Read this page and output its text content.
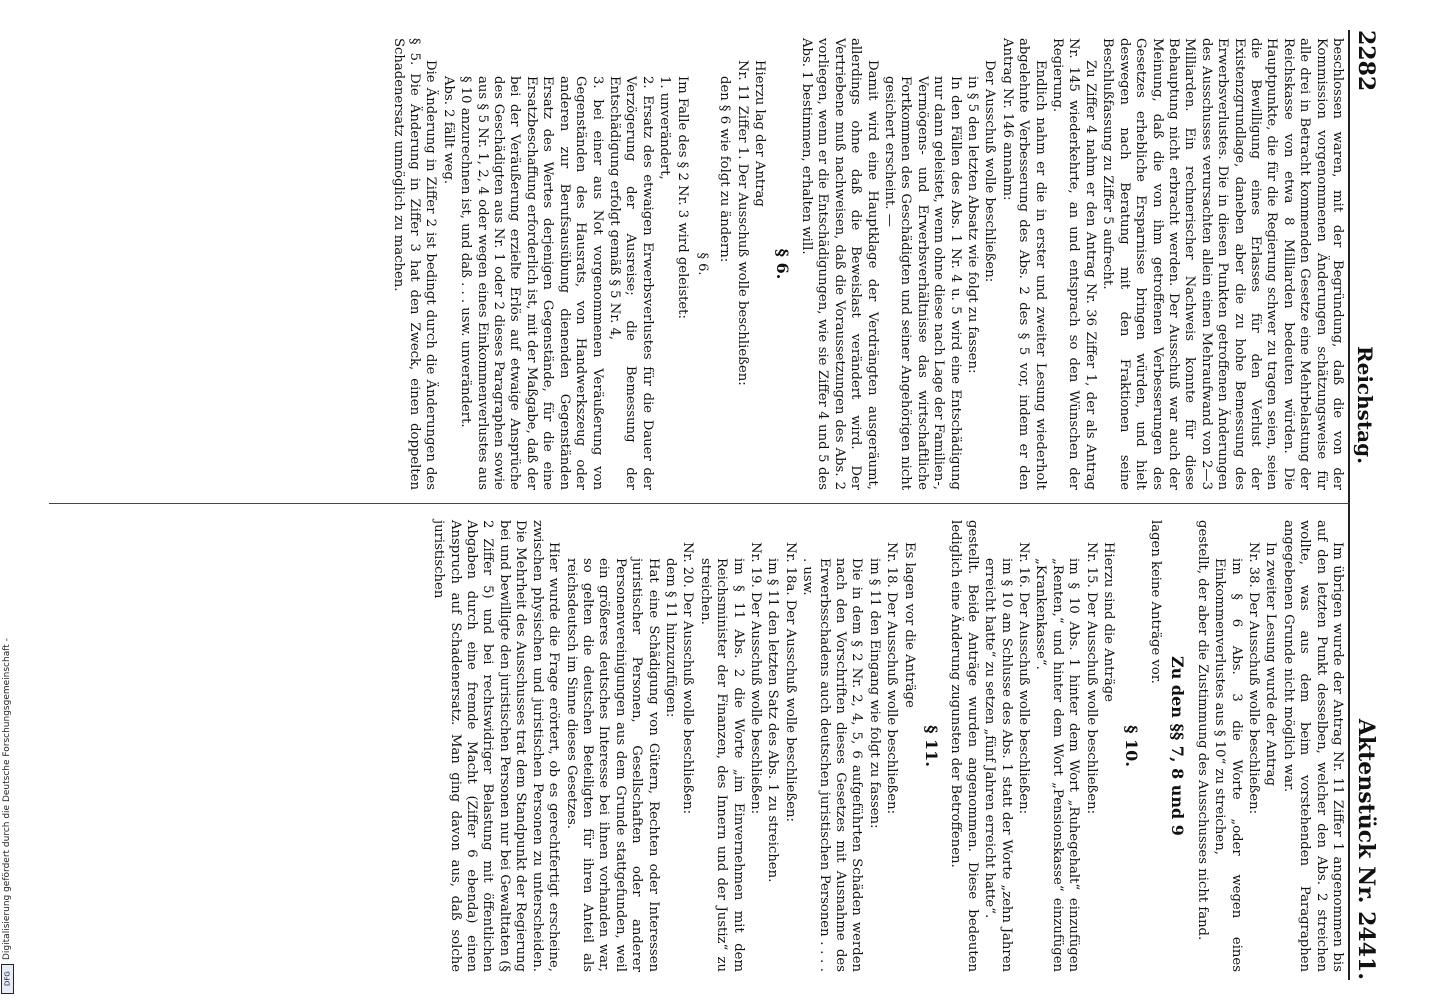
Digitalisierung gefördert durch die Deutsche Forschungsgemeinschaft -
DFG
2282
Reichstag.
Aktenstück Nr. 2441.

beschlossen waren, mit der Begründung, daß die von der Kommission vorgenommenen Änderungen schätzungsweise für alle drei in Betracht kommenden Gesetze eine Mehrbelastung der Reichskasse von etwa 8 Milliarden bedeuten würden. Die Hauptpunkte, die für die Regierung schwer zu tragen seien, seien die Bewilligung eines Erlasses für den Verlust der Existenzgrundlage, daneben aber die zu hohe Bemessung des Erwerbsverlustes. Die in diesen Punkten getroffenen Änderungen des Ausschusses verursachten allein einen Mehraufwand von 2—3 Milliarden. Ein rechnerischer Nachweis konnte für diese Behauptung nicht erbracht werden. Der Ausschuß war auch der Meinung, daß die von ihm getroffenen Verbesserungen des Gesetzes erhebliche Ersparnisse bringen würden, und hielt deswegen nach Beratung mit den Fraktionen seine Beschlußfassung zu Ziffer 5 aufrecht.

Zu Ziffer 4 nahm er den Antrag Nr. 36 Ziffer 1, der als Antrag Nr. 145 wiederkehrte, an und entsprach so den Wünschen der Regierung.

Endlich nahm er die in erster und zweiter Lesung wiederholt abgelehnte Verbesserung des Abs. 2 des § 5 vor, indem er den Antrag Nr. 146 annahm:

Der Ausschuß wolle beschließen:

in § 5 den letzten Absatz wie folgt zu fassen:

In den Fällen des Abs. 1 Nr. 4 u. 5 wird eine Entschädigung nur dann geleistet, wenn ohne diese nach Lage der Familien-, Vermögens- und Erwerbsverhältnisse das wirtschaftliche Fortkommen des Geschädigten und seiner Angehörigen nicht gesichert erscheint. —

Damit wird eine Hauptklage der Verdrängten ausgeräumt, allerdings ohne daß die Beweislast verändert wird. Der Vertriebene muß nachweisen, daß die Voraussetzungen des Abs. 2 vorliegen, wenn er die Entschädigungen, wie sie Ziffer 4 und 5 des Abs. 1 bestimmen, erhalten will.

§ 6.

Hierzu lag der Antrag

Nr. 11 Ziffer 1. Der Ausschuß wolle beschließen:

den § 6 wie folgt zu ändern:

§ 6.

Im Falle des § 2 Nr. 3 wird geleistet:

1. unverändert,

2. Ersatz des etwaigen Erwerbsverlustes für die Dauer der Verzögerung der Ausreise; die Bemessung der Entschädigung erfolgt gemäß § 5 Nr. 4,

3. bei einer aus Not vorgenommenen Veräußerung von Gegenständen des Hausrats, von Handwerkszeug oder anderen zur Berufsausübung dienenden Gegenständen Ersatz des Wertes derjenigen Gegenstände, für die eine Ersatzbeschaffung erforderlich ist, mit der Maßgabe, daß der bei der Veräußerung erzielte Erlös auf etwaige Ansprüche des Geschädigten aus Nr. 1 oder 2 dieses Paragraphen sowie aus § 5 Nr. 1, 2, 4 oder wegen eines Einkommenverlustes aus § 10 anzurechnen ist, und daß . . . usw. unverändert.

Abs. 2 fällt weg.

Die Änderung in Ziffer 2 ist bedingt durch die Änderungen des § 5. Die Änderung in Ziffer 3 hat den Zweck, einen doppelten Schadenersatz unmöglich zu machen.

Im übrigen wurde der Antrag Nr. 11 Ziffer 1 angenommen bis auf den letzten Punkt desselben, welcher den Abs. 2 streichen wollte, was aus dem beim vorstehenden Paragraphen angegebenen Grunde nicht möglich war.

In zweiter Lesung wurde der Antrag

Nr. 38. Der Ausschuß wolle beschließen:

im § 6 Abs. 3 die Worte „oder wegen eines Einkommenverlustes aus § 10“ zu streichen,

gestellt, der aber die Zustimmung des Ausschusses nicht fand.

Zu den §§ 7, 8 und 9

lagen keine Anträge vor.

§ 10.

Hierzu sind die Anträge

Nr. 15. Der Ausschuß wolle beschließen:

im § 10 Abs. 1 hinter dem Wort „Ruhegehalt“ einzufügen „Renten,“ und hinter dem Wort „Pensionskasse“ einzufügen „Krankenkasse“.

Nr. 16. Der Ausschuß wolle beschließen:

im § 10 am Schlusse des Abs. 1 statt der Worte „zehn Jahren erreicht hatte“ zu setzen „fünf Jahren erreicht hatte“.

gestellt. Beide Anträge wurden angenommen. Diese bedeuten lediglich eine Änderung zugunsten der Betroffenen.

§ 11.

Es lagen vor die Anträge

Nr. 18. Der Ausschuß wolle beschließen:

im § 11 den Eingang wie folgt zu fassen:

Die in dem § 2 Nr. 2, 4, 5, 6 aufgeführten Schäden werden nach den Vorschriften dieses Gesetzes mit Ausnahme des Erwerbsschadens auch deutschen juristischen Personen . . . . . usw.

Nr. 18a. Der Ausschuß wolle beschließen:

im § 11 den letzten Satz des Abs. 1 zu streichen.

Nr. 19. Der Ausschuß wolle beschließen:

im § 11 Abs. 2 die Worte „im Einvernehmen mit dem Reichsminister der Finanzen, des Innern und der Justiz“ zu streichen.

Nr. 20. Der Ausschuß wolle beschließen:

dem § 11 hinzuzufügen:

Hat eine Schädigung von Gütern, Rechten oder Interessen juristischer Personen, Gesellschaften oder anderer Personenvereinigungen aus dem Grunde stattgefunden, weil ein größeres deutsches Interesse bei ihnen vorhanden war, so gelten die deutschen Beteiligten für ihren Anteil als reichsdeutsch im Sinne dieses Gesetzes.

Hier wurde die Frage erörtert, ob es gerechtfertigt erscheine, zwischen physischen und juristischen Personen zu unterscheiden. Die Mehrheit des Ausschusses trat dem Standpunkt der Regierung bei und bewilligte den juristischen Personen nur bei Gewalttaten (§ 2 Ziffer 5) und bei rechtswidriger Belastung mit öffentlichen Abgaben durch eine fremde Macht (Ziffer 6 ebenda) einen Anspruch auf Schadenersatz. Man ging davon aus, daß solche juristischen
